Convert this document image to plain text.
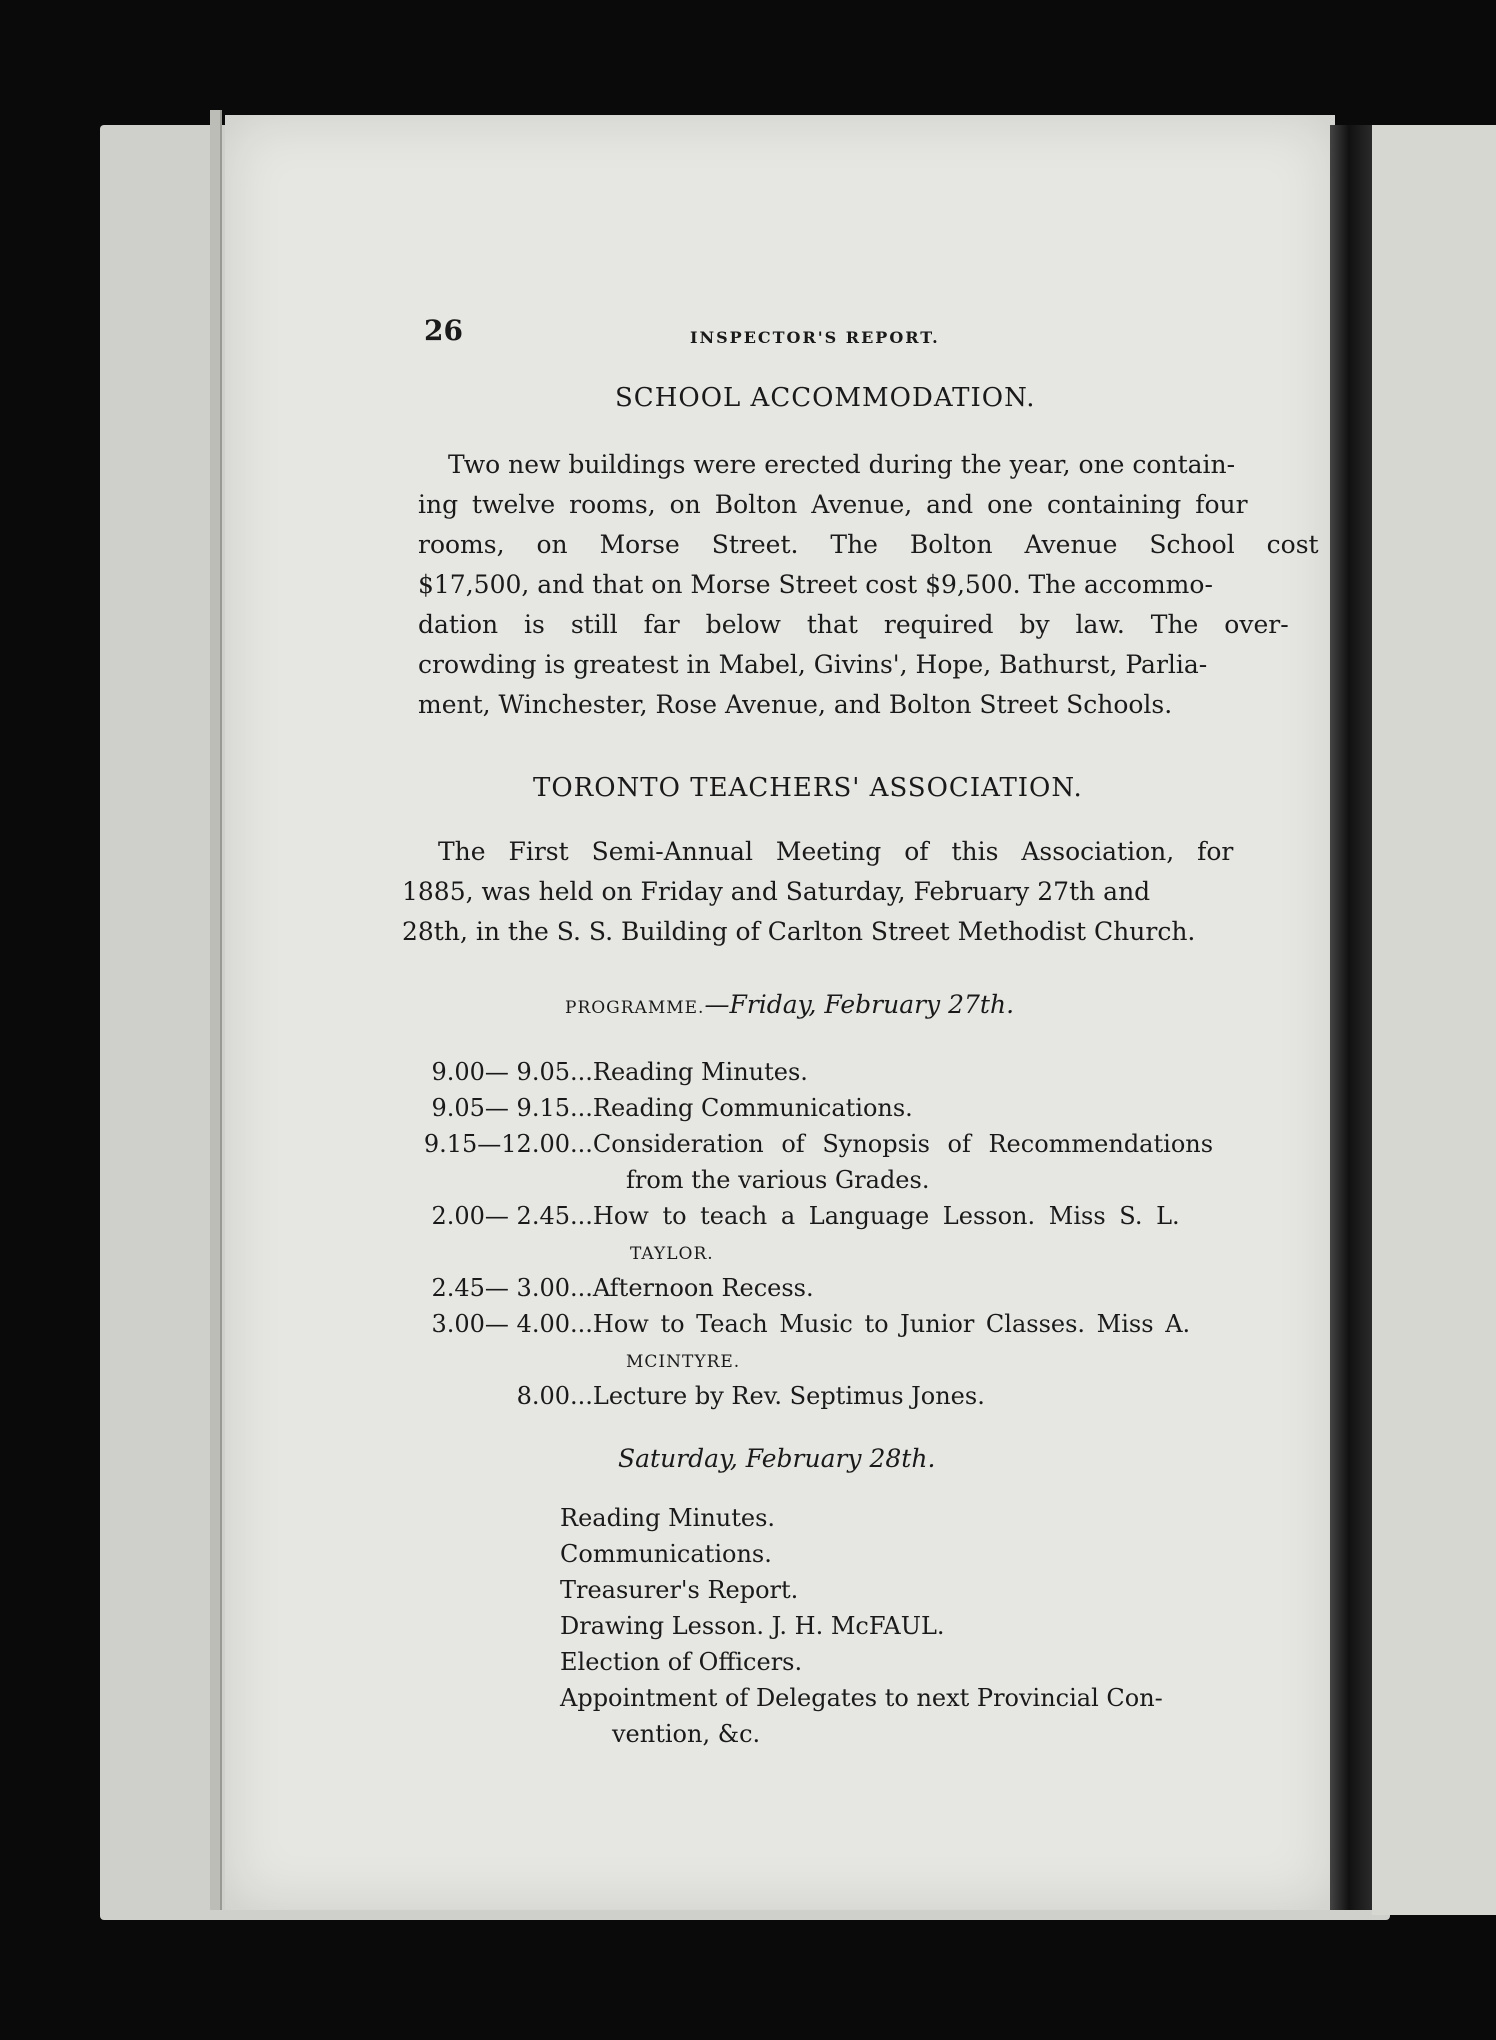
26	INSPECTOR'S REPORT.
SCHOOL ACCOMMODATION.
Two new buildings were erected during the year, one contain-
ing twelve rooms, on Bolton Avenue, and one containing four
rooms, on Morse Street. The Bolton Avenue School cost
$17,500, and that on Morse Street cost $9,500. The accommo-
dation is still far below that required by law. The over-
crowding is greatest in Mabel, Givins', Hope, Bathurst, Parlia-
ment, Winchester, Rose Avenue, and Bolton Street Schools.
TORONTO TEACHERS' ASSOCIATION.
The First Semi-Annual Meeting of this Association, for
1885, was held on Friday and Saturday, February 27th and
28th, in the S. S. Building of Carlton Street Methodist Church.
PROGRAMME.—Friday, February 27th.
9.00— 9.05 ...Reading Minutes.
9.05— 9.15 ...Reading Communications.
9.15—12.00 ...Consideration of Synopsis of Recommendations
from the various Grades.
2.00— 2.45 ...How to teach a Language Lesson. Miss S. L.
TAYLOR.
2.45— 3.00 ...Afternoon Recess.
3.00— 4.00 ...How to Teach Music to Junior Classes. Miss A.
MCINTYRE.
8.00 ...Lecture by Rev. Septimus Jones.
Saturday, February 28th.
Reading Minutes.
Communications.
Treasurer's Report.
Drawing Lesson. J. H. McFAUL.
Election of Officers.
Appointment of Delegates to next Provincial Con-
vention, &c.
